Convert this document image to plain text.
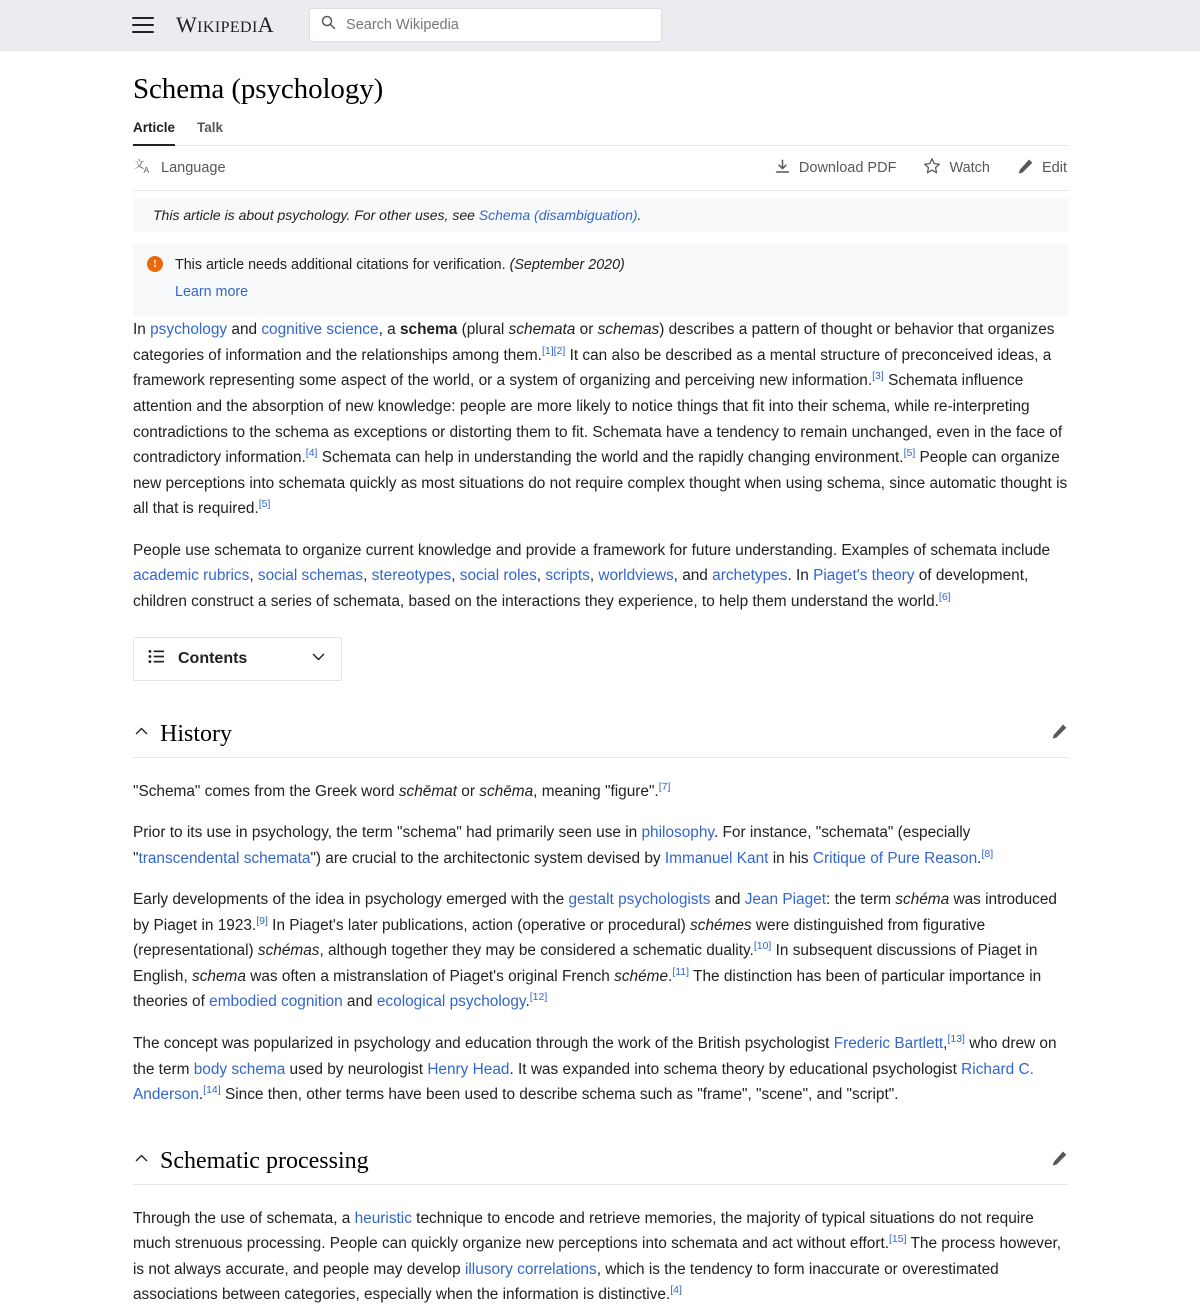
WIKIPEDIA	Search Wikipedia
Schema (psychology)
Article Talk
文 A Language	Download PDF	Watch	Edit
This article is about psychology. For other uses, see Schema (disambiguation).
!	This article needs additional citations for verification. (September 2020)
Learn more

In psychology and cognitive science, a schema (plural schemata or schemas) describes a pattern of thought or behavior that organizes categories of information and the relationships among them.[1][2] It can also be described as a mental structure of preconceived ideas, a framework representing some aspect of the world, or a system of organizing and perceiving new information.[3] Schemata influence attention and the absorption of new knowledge: people are more likely to notice things that fit into their schema, while re-interpreting contradictions to the schema as exceptions or distorting them to fit. Schemata have a tendency to remain unchanged, even in the face of contradictory information.[4] Schemata can help in understanding the world and the rapidly changing environment.[5] People can organize new perceptions into schemata quickly as most situations do not require complex thought when using schema, since automatic thought is all that is required.[5]

People use schemata to organize current knowledge and provide a framework for future understanding. Examples of schemata include academic rubrics, social schemas, stereotypes, social roles, scripts, worldviews, and archetypes. In Piaget's theory of development, children construct a series of schemata, based on the interactions they experience, to help them understand the world.[6]

Contents
History

"Schema" comes from the Greek word schēmat or schēma, meaning "figure".[7]

Prior to its use in psychology, the term "schema" had primarily seen use in philosophy. For instance, "schemata" (especially "transcendental schemata") are crucial to the architectonic system devised by Immanuel Kant in his Critique of Pure Reason.[8]

Early developments of the idea in psychology emerged with the gestalt psychologists and Jean Piaget: the term schéma was introduced by Piaget in 1923.[9] In Piaget's later publications, action (operative or procedural) schémes were distinguished from figurative (representational) schémas, although together they may be considered a schematic duality.[10] In subsequent discussions of Piaget in English, schema was often a mistranslation of Piaget's original French schéme.[11] The distinction has been of particular importance in theories of embodied cognition and ecological psychology.[12]

The concept was popularized in psychology and education through the work of the British psychologist Frederic Bartlett,[13] who drew on the term body schema used by neurologist Henry Head. It was expanded into schema theory by educational psychologist Richard C. Anderson.[14] Since then, other terms have been used to describe schema such as "frame", "scene", and "script".

Schematic processing

Through the use of schemata, a heuristic technique to encode and retrieve memories, the majority of typical situations do not require much strenuous processing. People can quickly organize new perceptions into schemata and act without effort.[15] The process however, is not always accurate, and people may develop illusory correlations, which is the tendency to form inaccurate or overestimated associations between categories, especially when the information is distinctive.[4]
